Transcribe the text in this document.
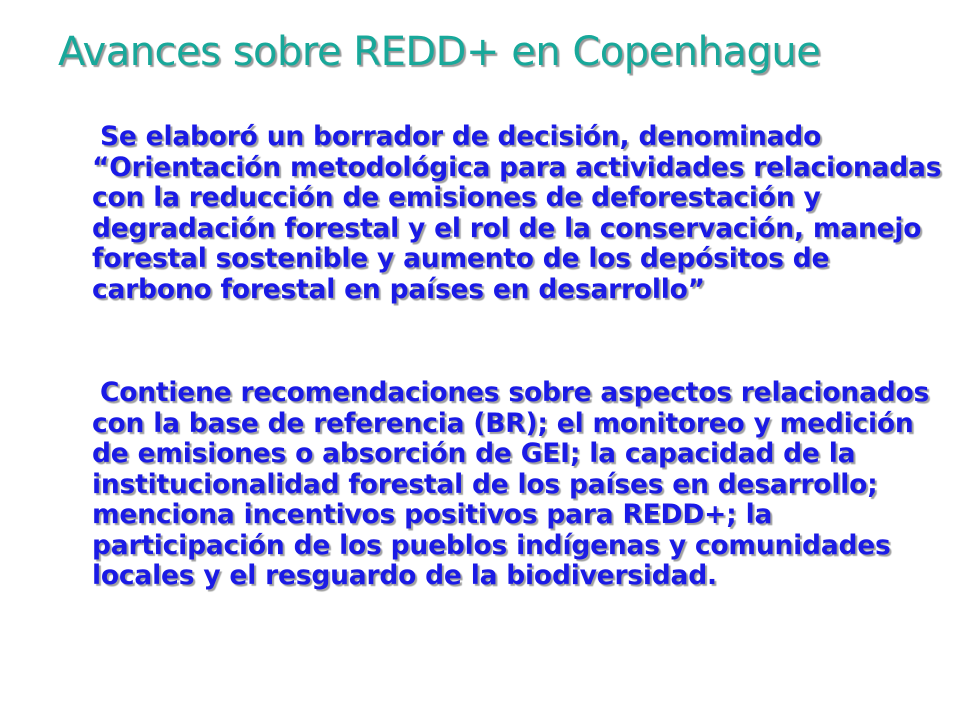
Avances sobre REDD+ en Copenhague

Se elaboró un borrador de decisión, denominado “Orientación metodológica para actividades relacionadas con la reducción de emisiones de deforestación y degradación forestal y el rol de la conservación, manejo forestal sostenible y aumento de los depósitos de carbono forestal en países en desarrollo”

Contiene recomendaciones sobre aspectos relacionados con la base de referencia (BR); el monitoreo y medición de emisiones o absorción de GEI; la capacidad de la institucionalidad forestal de los países en desarrollo; menciona incentivos positivos para REDD+; la participación de los pueblos indígenas y comunidades locales y el resguardo de la biodiversidad.
